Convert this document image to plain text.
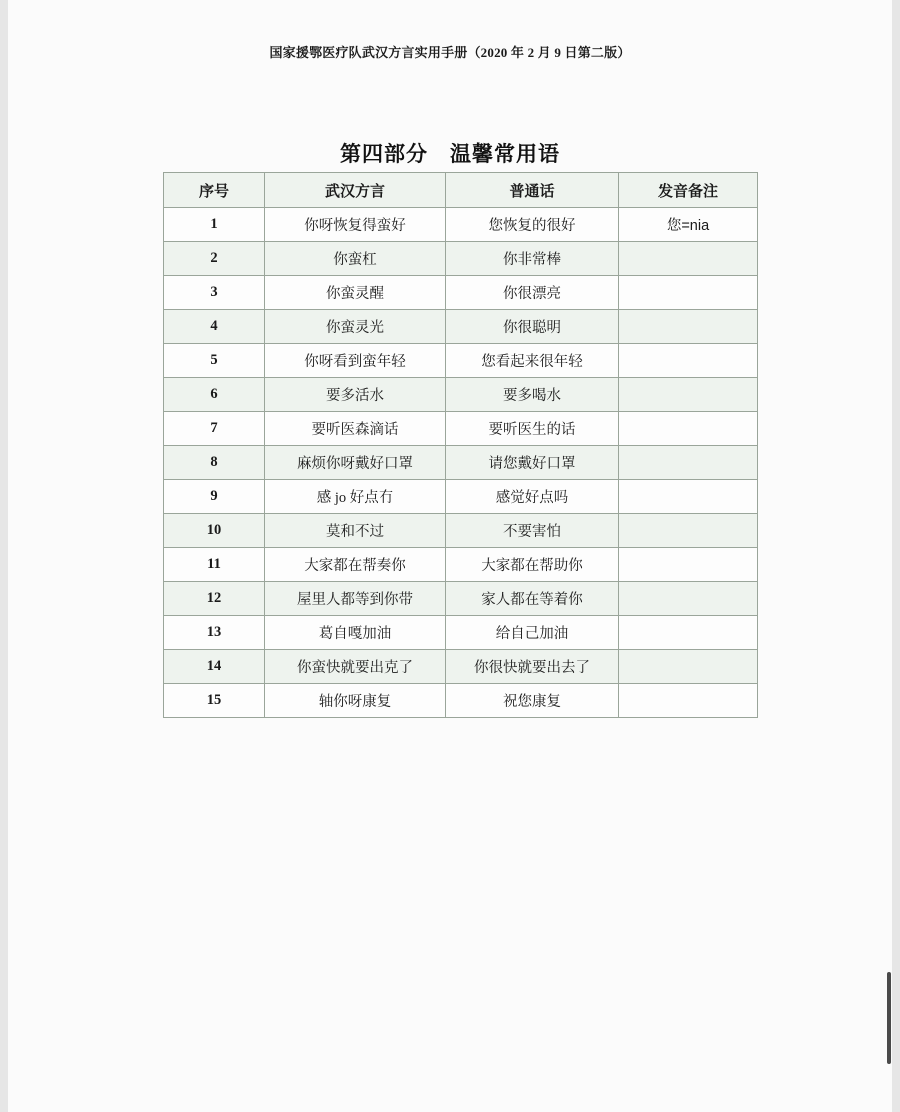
国家援鄂医疗队武汉方言实用手册（2020 年 2 月 9 日第二版）
第四部分　温馨常用语
序号	武汉方言	普通话	发音备注
1	你呀恢复得蛮好	您恢复的很好	您=nia
2	你蛮杠	你非常棒	
3	你蛮灵醒	你很漂亮	
4	你蛮灵光	你很聪明	
5	你呀看到蛮年轻	您看起来很年轻	
6	要多活水	要多喝水	
7	要听医森滴话	要听医生的话	
8	麻烦你呀戴好口罩	请您戴好口罩	
9	感 jo 好点冇	感觉好点吗	
10	莫和不过	不要害怕	
11	大家都在帮奏你	大家都在帮助你	
12	屋里人都等到你带	家人都在等着你	
13	葛自嘎加油	给自己加油	
14	你蛮快就要出克了	你很快就要出去了	
15	轴你呀康复	祝您康复	
